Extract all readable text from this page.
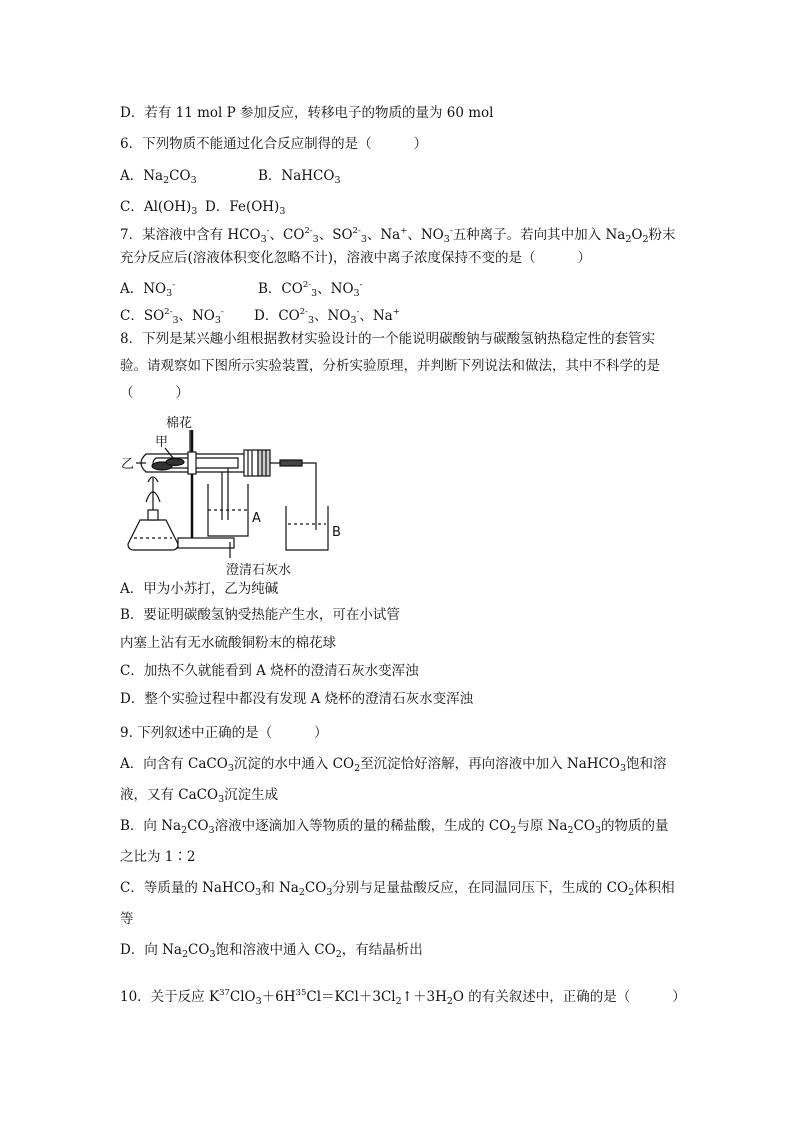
D．若有 11 mol P 参加反应，转移电子的物质的量为 60 mol
6．下列物质不能通过化合反应制得的是（	）
A．$Na_2CO_3$	B．NaHCO$_3$
C．$Al(OH)_3$ D．$Fe(OH)_3$
7．某溶液中含有 $HCO_3^-$、$CO^{2-}_3$、$SO^{2-}_3$、Na+、$NO_3^-$五种离子。若向其中加入 $Na_2O_2$粉末
充分反应后(溶液体积变化忽略不计)，溶液中离子浓度保持不变的是（	）
A．$NO_3^-$	B．$CO^{2-}_3$、$NO_3^-$
C．$SO^{2-}_3$、$NO_3^-$ D．$CO^{2-}_3$、$NO_3^-$、Na+
8．下列是某兴趣小组根据教材实验设计的一个能说明碳酸钠与碳酸氢钠热稳定性的套管实
验。请观察如下图所示实验装置，分析实验原理，并判断下列说法和做法，其中不科学的是
（	）
棉花
甲
乙
A
B
澄清石灰水
A．甲为小苏打，乙为纯碱
B．要证明碳酸氢钠受热能产生水，可在小试管
内塞上沾有无水硫酸铜粉末的棉花球
C．加热不久就能看到 A 烧杯的澄清石灰水变浑浊
D．整个实验过程中都没有发现 A 烧杯的澄清石灰水变浑浊
9. 下列叙述中正确的是（	）
A．向含有 CaCO$_3$沉淀的水中通入 $CO_2$至沉淀恰好溶解，再向溶液中加入 NaHCO$_3$饱和溶
液，又有 CaCO$_3$沉淀生成
B．向 $Na_2CO_3$溶液中逐滴加入等物质的量的稀盐酸，生成的 $CO_2$与原 $Na_2CO_3$的物质的量
之比为 1∶2
C．等质量的 NaHCO$_3$和 $Na_2CO_3$分别与足量盐酸反应，在同温同压下，生成的 $CO_2$体积相
等
D．向 $Na_2CO_3$饱和溶液中通入 $CO_2$，有结晶析出
10．关于反应 $K^{37}ClO_3+6H^{35}Cl=KCl+3Cl_2↑+3H_2O$ 的有关叙述中，正确的是（	）
